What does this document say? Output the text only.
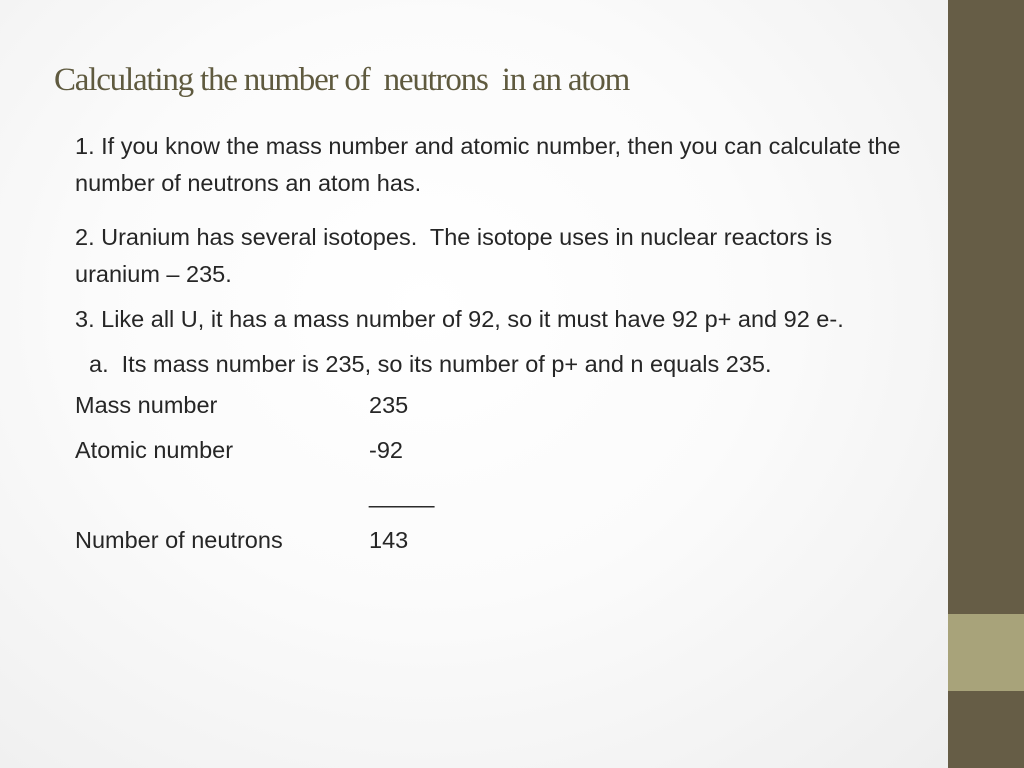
Calculating the number of  neutrons  in an atom

1. If you know the mass number and atomic number, then you can calculate the number of neutrons an atom has.

2. Uranium has several isotopes.  The isotope uses in nuclear reactors is uranium – 235.

3. Like all U, it has a mass number of 92, so it must have 92 p+ and 92 e-.

a.  Its mass number is 235, so its number of p+ and n equals 235.

Mass number	235
Atomic number	-92
_____
Number of neutrons	143
